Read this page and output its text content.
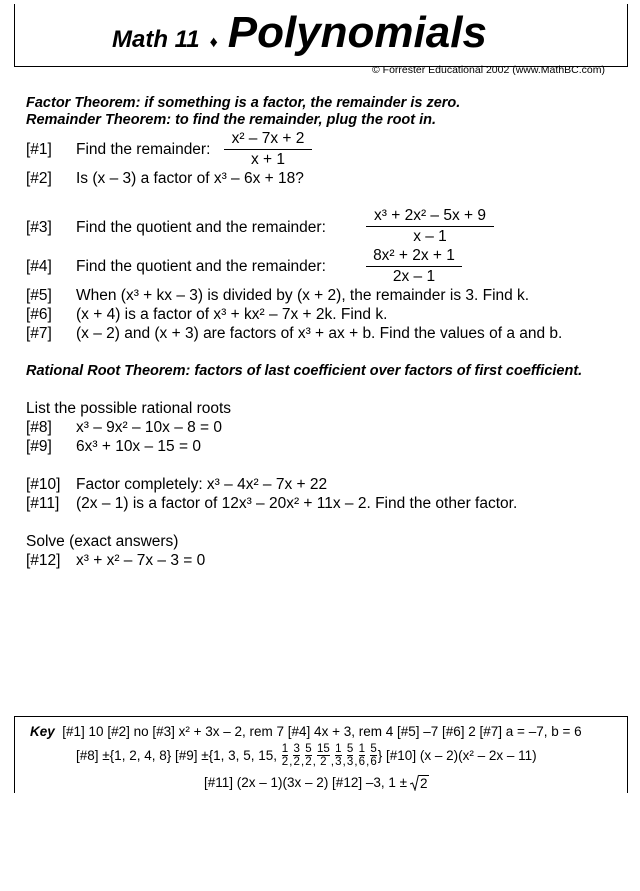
Math 11 ♦ Polynomials
© Forrester Educational 2002 (www.MathBC.com)
Factor Theorem: if something is a factor, the remainder is zero.
Remainder Theorem: to find the remainder, plug the root in.
[#1] Find the remainder:
x² – 7x + 2
x + 1
[#2] Is (x – 3) a factor of x³ – 6x + 18?
[#3] Find the quotient and the remainder:
x³ + 2x² – 5x + 9
x – 1
[#4] Find the quotient and the remainder:
8x² + 2x + 1
2x – 1
[#5] When (x³ + kx – 3) is divided by (x + 2), the remainder is 3. Find k.
[#6] (x + 4) is a factor of x³ + kx² – 7x + 2k. Find k.
[#7] (x – 2) and (x + 3) are factors of x³ + ax + b. Find the values of a and b.
Rational Root Theorem: factors of last coefficient over factors of first coefficient.
List the possible rational roots
[#8] x³ – 9x² – 10x – 8 = 0
[#9] 6x³ + 10x – 15 = 0
[#10] Factor completely: x³ – 4x² – 7x + 22
[#11] (2x – 1) is a factor of 12x³ – 20x² + 11x – 2. Find the other factor.
Solve (exact answers)
[#12] x³ + x² – 7x – 3 = 0
Key [#1] 10 [#2] no [#3] x² + 3x – 2, rem 7 [#4] 4x + 3, rem 4 [#5] –7 [#6] 2 [#7] a = –7, b = 6
[#8] ±{1, 2, 4, 8} [#9] ±{1, 3, 5, 15,
$\frac{1}{2}$ , $\frac{3}{2}$ , $\frac{5}{2}$ , $\frac{15}{2}$ , $\frac{1}{3}$ , $\frac{5}{3}$ , $\frac{1}{6}$ , $\frac{5}{6}$ } [#10] (x – 2)(x² – 2x – 11)
[#11] (2x – 1)(3x – 2) [#12] –3, 1 ± 2
